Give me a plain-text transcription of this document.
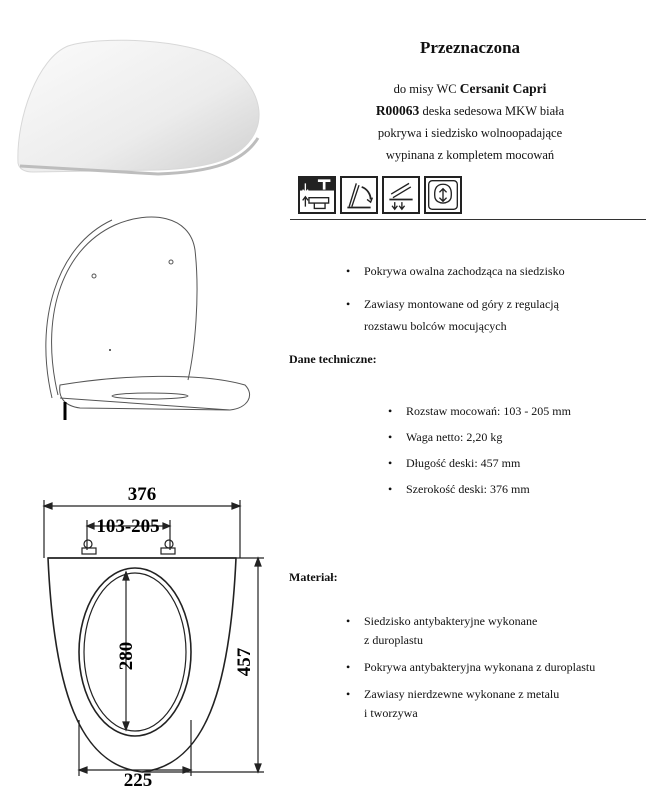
Przeznaczona
do misy WC Cersanit Capri
R00063 deska sedesowa MKW biała
pokrywa i siedzisko wolnoopadające
wypinana z kompletem mocowań
• Pokrywa owalna zachodząca na siedzisko
• Zawiasy montowane od góry z regulacją
rozstawu bolców mocujących
Dane techniczne:
• Rozstaw mocowań: 103 - 205 mm
• Waga netto: 2,20 kg
• Długość deski: 457 mm
• Szerokość deski: 376 mm
Materiał:
• Siedzisko antybakteryjne wykonane
z duroplastu
• Pokrywa antybakteryjna wykonana z duroplastu
• Zawiasy nierdzewne wykonane z metalu
i tworzywa
376
103-205
280	457
225
